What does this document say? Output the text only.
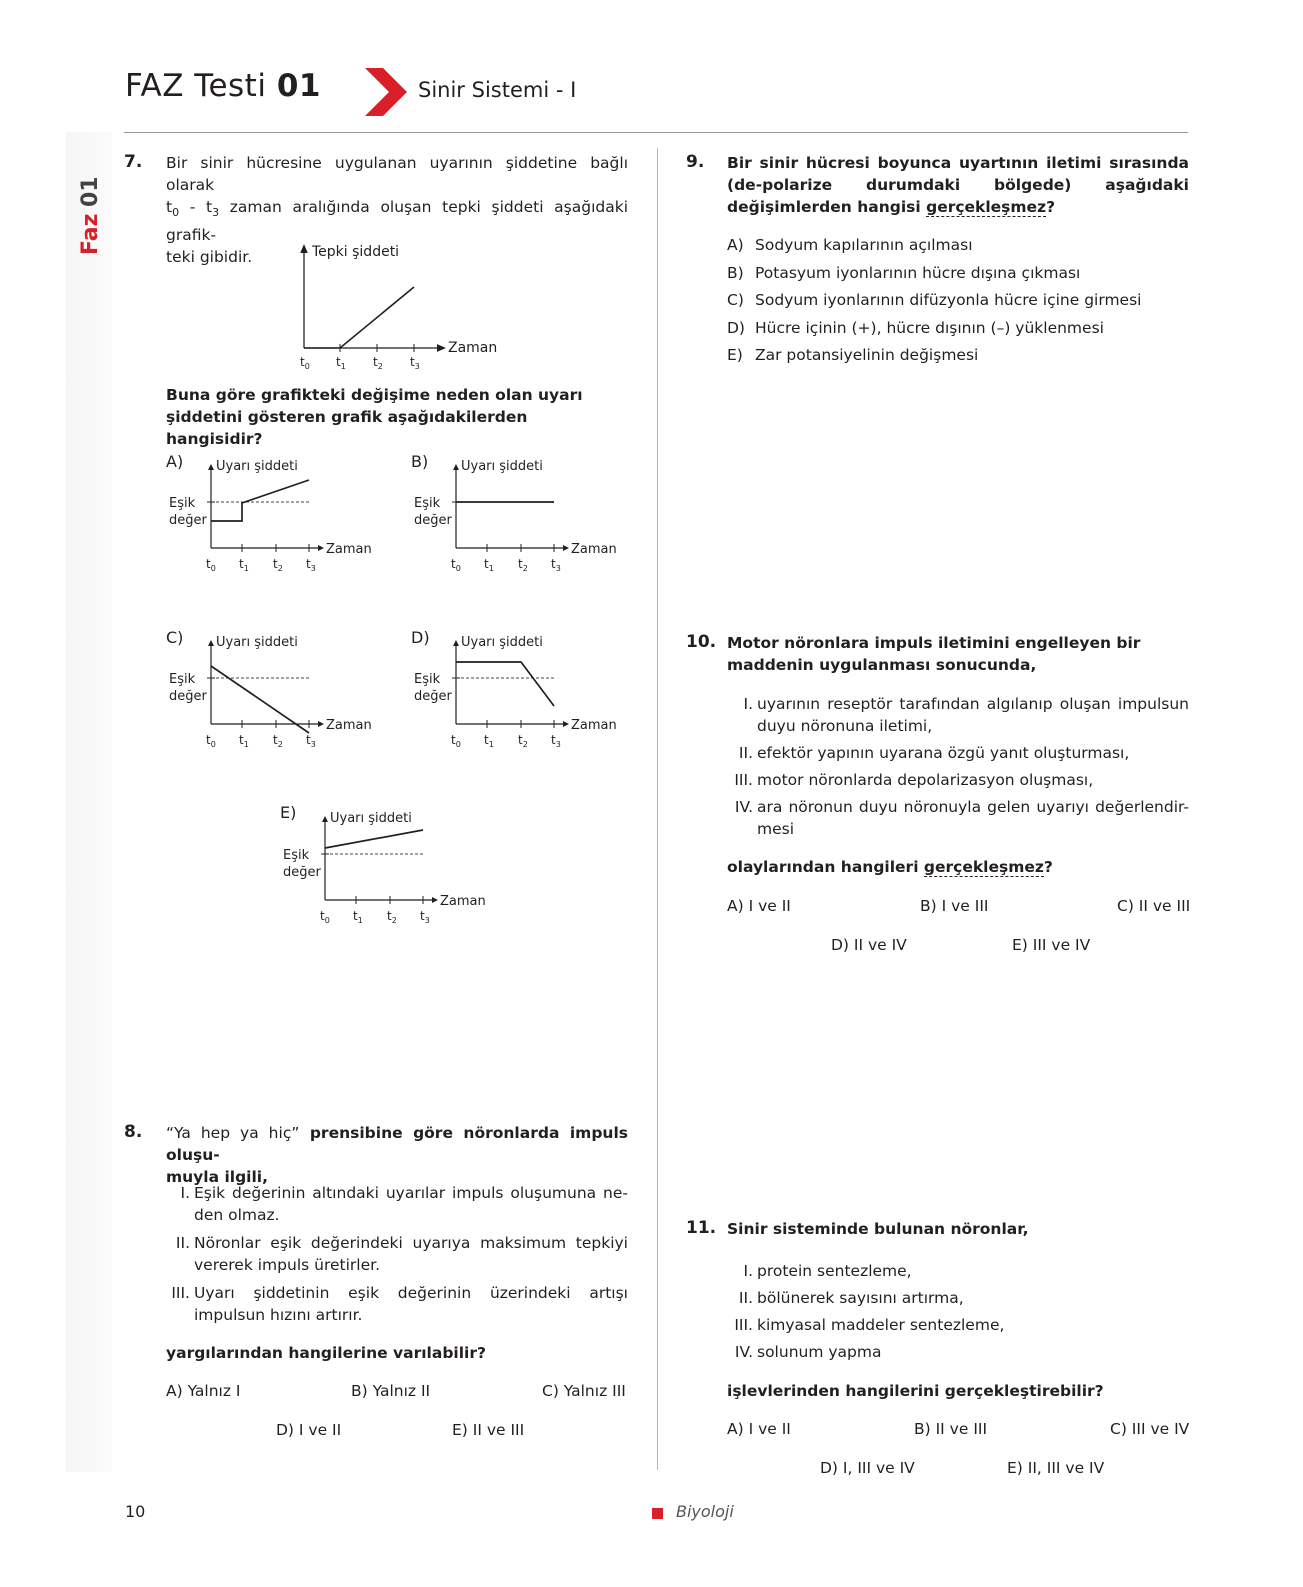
FAZ Testi 01	Sinir Sistemi - I
Faz
01
7. Bir sinir hücresine uygulanan uyarının şiddetine bağlı olarak
$t_0 - t_3$ zaman aralığında oluşan tepki şiddeti aşağıdaki grafik-
teki gibidir.	Tepki şiddeti
Zaman
$t_0$ $t_1$ $t_2$ $t_3$
Buna göre grafikteki değişime neden olan uyarı şiddetini gösteren grafik aşağıdakilerden hangisidir?
A)	B)
C)	D)
E)
Uyarı şiddeti
Eşik
değer
Zaman
$t_0$ $t_1$ $t_2$ $t_3$
Uyarı şiddeti
Eşik
değer
Zaman
$t_0$ $t_1$ $t_2$ $t_3$
Uyarı şiddeti
Eşik
değer
Zaman
$t_0$ $t_1$ $t_2$ $t_3$
Uyarı şiddeti
Eşik
değer
Zaman
$t_0$ $t_1$ $t_2$ $t_3$
Uyarı şiddeti
Eşik
değer
Zaman
$t_0$ $t_1$ $t_2$ $t_3$
8. “Ya hep ya hiç” prensibine göre nöronlarda impuls oluşu-
muyla ilgili,
I. Eşik değerinin altındaki uyarılar impuls oluşumuna ne-den olmaz.
II. Nöronlar eşik değerindeki uyarıya maksimum tepkiyi vererek impuls üretirler.
III. Uyarı şiddetinin eşik değerinin üzerindeki artışı impulsun hızını artırır.
yargılarından hangilerine varılabilir?
A) Yalnız I	B) Yalnız II	C) Yalnız III
D) I ve II	E) II ve III
9. Bir sinir hücresi boyunca uyartının iletimi sırasında (de-polarize durumdaki bölgede) aşağıdaki değişimlerden hangisi gerçekleşmez?
A) Sodyum kapılarının açılması
B) Potasyum iyonlarının hücre dışına çıkması
C) Sodyum iyonlarının difüzyonla hücre içine girmesi
D) Hücre içinin (+), hücre dışının (–) yüklenmesi
E) Zar potansiyelinin değişmesi
10. Motor nöronlara impuls iletimini engelleyen bir maddenin uygulanması sonucunda,
I. uyarının reseptör tarafından algılanıp oluşan impulsun duyu nöronuna iletimi,
II. efektör yapının uyarana özgü yanıt oluşturması,
III. motor nöronlarda depolarizasyon oluşması,
IV. ara nöronun duyu nöronuyla gelen uyarıyı değerlendir-mesi
olaylarından hangileri gerçekleşmez?
A) I ve II	B) I ve III	C) II ve III
D) II ve IV	E) III ve IV
11. Sinir sisteminde bulunan nöronlar,
I. protein sentezleme,
II. bölünerek sayısını artırma,
III. kimyasal maddeler sentezleme,
IV. solunum yapma
işlevlerinden hangilerini gerçekleştirebilir?
A) I ve II	B) II ve III	C) III ve IV
D) I, III ve IV	E) II, III ve IV
10	Biyoloji
